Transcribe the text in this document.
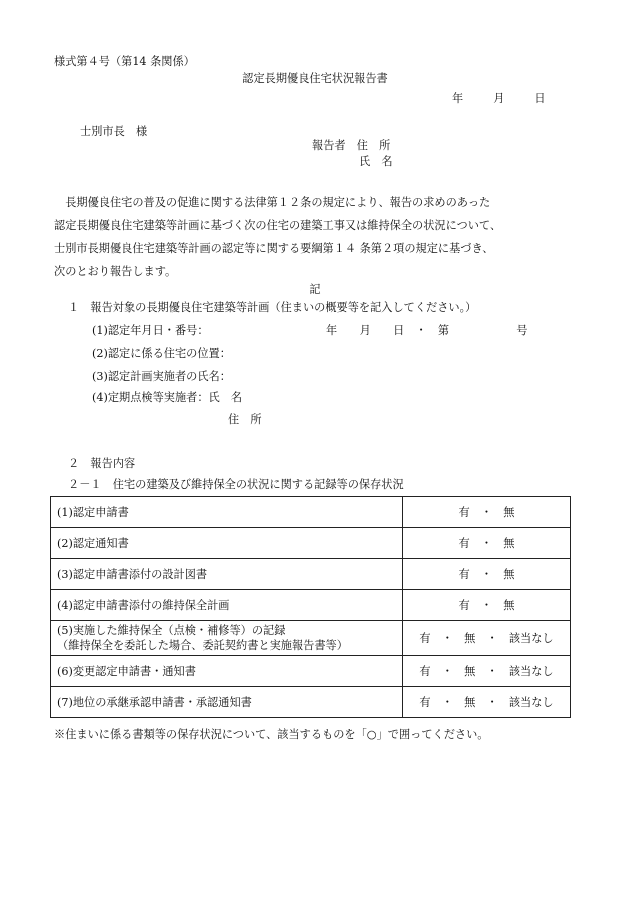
様式第４号（第14 条関係）
認定長期優良住宅状況報告書
年	月	日
士別市長　様
報告者　住　所
氏　名

　長期優良住宅の普及の促進に関する法律第１２条の規定により、報告の求めのあった

認定長期優良住宅建築等計画に基づく次の住宅の建築工事又は維持保全の状況について、

士別市長期優良住宅建築等計画の認定等に関する要綱第１４ 条第２項の規定に基づき、

次のとおり報告します。

記
１　報告対象の長期優良住宅建築等計画（住まいの概要等を記入してください。）
(1)認定年月日・番号：	年　　月　　日　・　第　　　　　　号
(2)認定に係る住宅の位置：
(3)認定計画実施者の氏名：
(4)定期点検等実施者：氏　名
住　所
２　報告内容
２－１　住宅の建築及び維持保全の状況に関する記録等の保存状況
(1)認定申請書	有　・　無
(2)認定通知書	有　・　無
(3)認定申請書添付の設計図書	有　・　無
(4)認定申請書添付の維持保全計画	有　・　無

(5)実施した維持保全（点検・補修等）の記録
（維持保全を委託した場合、委託契約書と実施報告書等）	有　・　無　・　該当なし
(6)変更認定申請書・通知書	有　・　無　・　該当なし
(7)地位の承継承認申請書・承認通知書	有　・　無　・　該当なし
※住まいに係る書類等の保存状況について、該当するものを「○」で囲ってください。
